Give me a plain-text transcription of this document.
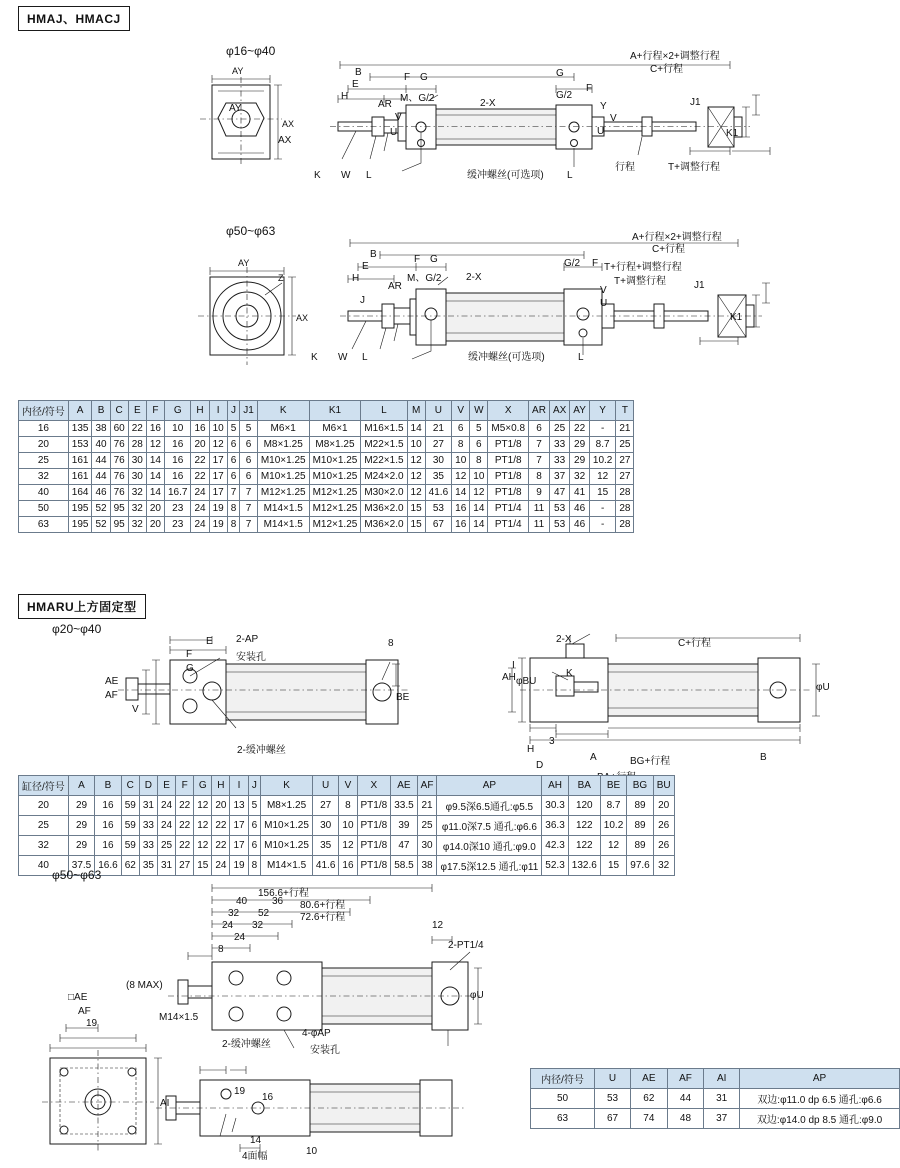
HMAJ、HMACJ
φ16~φ40
AY
AX
A+行程×2+调整行程
C+行程
B
E
F G
M、G/2
H
AR
V
U
2-X
G
G/2
F
Y
V
U
J1
K1
AY
AX
K W L	L
缓冲螺丝(可选项)
行程	T+调整行程
φ50~φ63
AY
AX
Z
A+行程×2+调整行程
C+行程
B
E
F G
M、G/2
H
AR
J
2-X
G/2 F
V
U
J1
K1
T+行程+调整行程
T+调整行程
K W L	L
缓冲螺丝(可选项)
内径/符号	A	B	C	E	F	G	H	I	J	J1	K	K1	L	M	U	V	W	X	AR	AX	AY	Y	T
16	135	38	60	22	16	10	16	10	5	5	M6×1	M6×1	M16×1.5	14	21	6	5	M5×0.8	6	25	22	-	21
20	153	40	76	28	12	16	20	12	6	6	M8×1.25	M8×1.25	M22×1.5	10	27	8	6	PT1/8	7	33	29	8.7	25
25	161	44	76	30	14	16	22	17	6	6	M10×1.25	M10×1.25	M22×1.5	12	30	10	8	PT1/8	7	33	29	10.2	27
32	161	44	76	30	14	16	22	17	6	6	M10×1.25	M10×1.25	M24×2.0	12	35	12	10	PT1/8	8	37	32	12	27
40	164	46	76	32	14	16.7	24	17	7	7	M12×1.25	M12×1.25	M30×2.0	12	41.6	14	12	PT1/8	9	47	41	15	28
50	195	52	95	32	20	23	24	19	8	7	M14×1.5	M12×1.25	M36×2.0	15	53	16	14	PT1/4	11	53	46	-	28
63	195	52	95	32	20	23	24	19	8	7	M14×1.5	M12×1.25	M36×2.0	15	67	16	14	PT1/4	11	53	46	-	28
HMARU上方固定型
φ20~φ40
E
F
G
2-AP
安装孔
8
AE
AF
V
BE
2-缓冲螺丝
2-X	C+行程
I
AH φBU
K
φU
H
3
D
A	B
BG+行程
缸径/符号	A	B	C	D	E	F	G	H	I	J	K	U	V	X	AE	AF	AP	AH	BA	BE	BG	BU
20	29	16	59	31	24	22	12	20	13	5	M8×1.25	27	8	PT1/8	33.5	21	φ9.5深6.5通孔:φ5.5	30.3	120	8.7	89	20
25	29	16	59	33	24	22	12	22	17	6	M10×1.25	30	10	PT1/8	39	25	φ11.0深7.5 通孔:φ6.6	36.3	122	10.2	89	26
32	29	16	59	33	25	22	12	22	17	6	M10×1.25	35	12	PT1/8	47	30	φ14.0深10 通孔:φ9.0	42.3	122	12	89	26
40	37.5	16.6	62	35	31	27	15	24	19	8	M14×1.5	41.6	16	PT1/8	58.5	38	φ17.5深12.5 通孔:φ11	52.3	132.6	15	97.6	32
φ50~φ63
156.6+行程
80.6+行程
72.6+行程
40 36
32 52
24 32
24
8
12
2-PT1/4
φU
4-φAP
安装孔
2-缓冲螺丝
□AE
(8 MAX)
M14×1.5
AF
19
AI
19
16
14
4面幅	10
内径/符号	U	AE	AF	AI	AP
50	53	62	44	31	双边:φ11.0 dp 6.5 通孔:φ6.6
63	67	74	48	37	双边:φ14.0 dp 8.5 通孔:φ9.0
